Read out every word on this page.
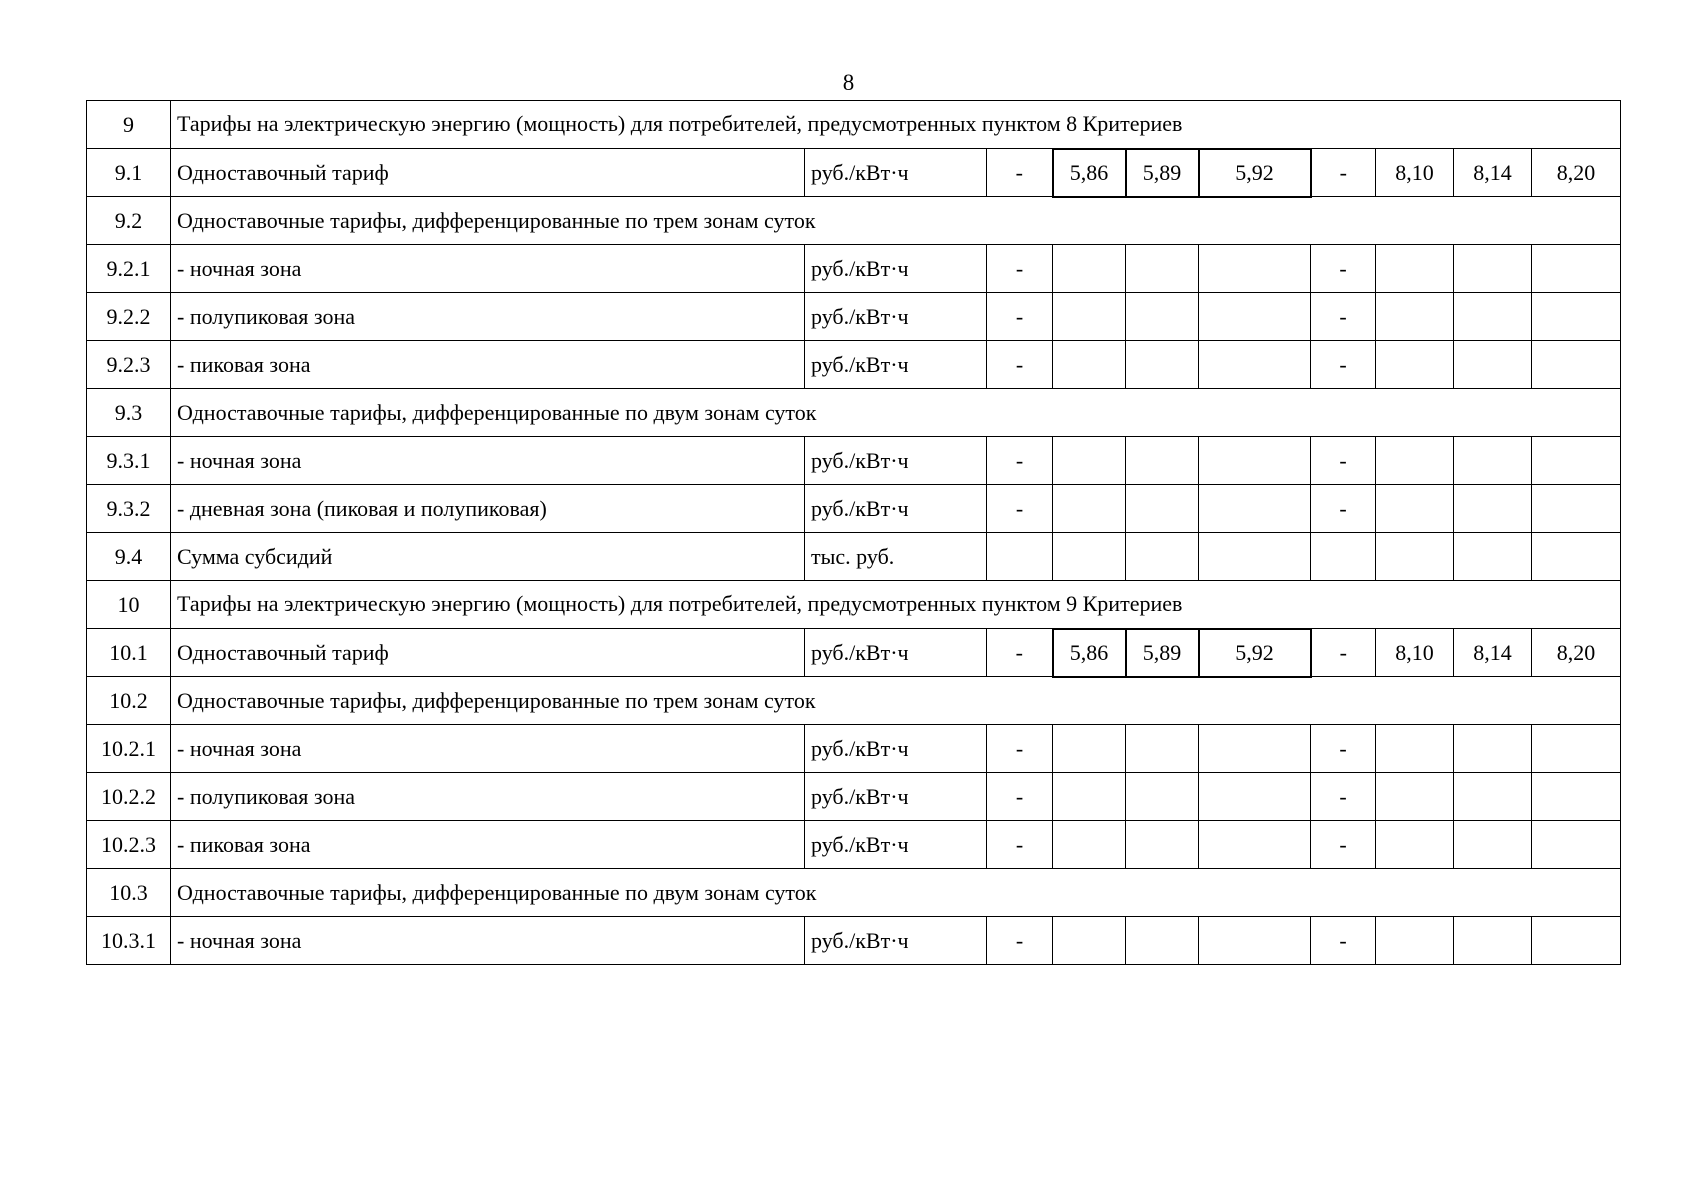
8
9	Тарифы на электрическую энергию (мощность) для потребителей, предусмотренных пунктом 8 Критериев									
9.1	Одноставочный тариф	руб./кВт·ч	-	5,86	5,89	5,92	-	8,10	8,14	8,20
9.2	Одноставочные тарифы, дифференцированные по трем зонам суток									
9.2.1	- ночная зона	руб./кВт·ч	-				-			
9.2.2	- полупиковая зона	руб./кВт·ч	-				-			
9.2.3	- пиковая зона	руб./кВт·ч	-				-			
9.3	Одноставочные тарифы, дифференцированные по двум зонам суток									
9.3.1	- ночная зона	руб./кВт·ч	-				-			
9.3.2	- дневная зона (пиковая и полупиковая)	руб./кВт·ч	-				-			
9.4	Сумма субсидий	тыс. руб.								
10	Тарифы на электрическую энергию (мощность) для потребителей, предусмотренных пунктом 9 Критериев									
10.1	Одноставочный тариф	руб./кВт·ч	-	5,86	5,89	5,92	-	8,10	8,14	8,20
10.2	Одноставочные тарифы, дифференцированные по трем зонам суток									
10.2.1	- ночная зона	руб./кВт·ч	-				-			
10.2.2	- полупиковая зона	руб./кВт·ч	-				-			
10.2.3	- пиковая зона	руб./кВт·ч	-				-			
10.3	Одноставочные тарифы, дифференцированные по двум зонам суток									
10.3.1	- ночная зона	руб./кВт·ч	-				-			
